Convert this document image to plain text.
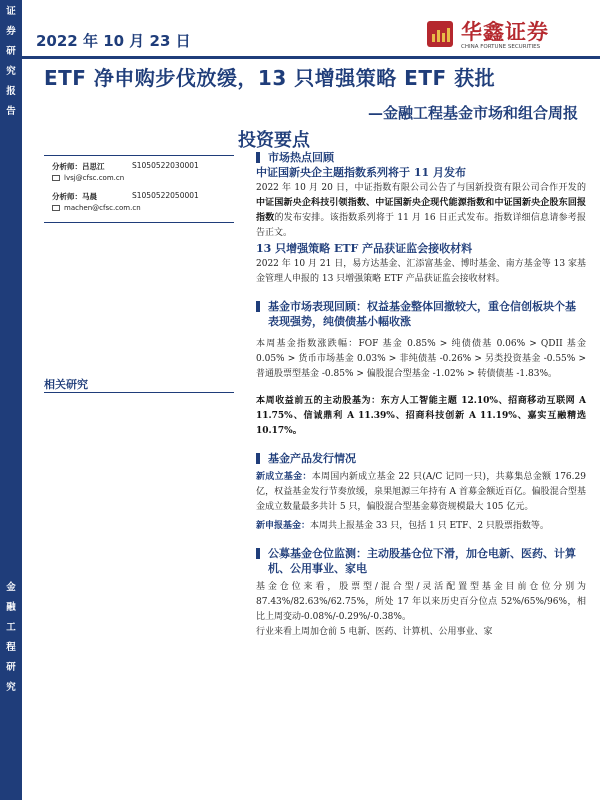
证
券
研
究
报
告
金
融
工
程
研
究
2022 年 10 月 23 日	华鑫证券
CHINA FORTUNE SECURITIES
ETF 净申购步伐放缓，13 只增强策略 ETF 获批
—金融工程基金市场和组合周报
投资要点
分析师：吕思江	S1050522030001
lvsj@cfsc.com.cn
分析师：马晨	S1050522050001
machen@cfsc.com.cn
相关研究
市场热点回顾
中证国新央企主题指数系列将于 11 月发布
2022 年 10 月 20 日，中证指数有限公司公告了与国新投资有限公司合作开发的中证国新央企科技引领指数、中证国新央企现代能源指数和中证国新央企股东回报指数的发布安排。该指数系列将于 11 月 16 日正式发布。指数详细信息请参考报告正文。
13 只增强策略 ETF 产品获证监会接收材料
2022 年 10 月 21 日，易方达基金、汇添富基金、博时基金、南方基金等 13 家基金管理人申报的 13 只增强策略 ETF 产品获证监会接收材料。
基金市场表现回顾：权益基金整体回撤较大，重仓信创板块个基表现强势，纯债债基小幅收涨
本周基金指数涨跌幅：FOF 基金 0.85% > 纯债债基 0.06% > QDII 基金 0.05% > 货币市场基金 0.03% > 非纯债基 -0.26% > 另类投资基金 -0.55% > 普通股票型基金 -0.85% > 偏股混合型基金 -1.02% > 转债债基 -1.83%。
本周收益前五的主动股基为：东方人工智能主题 12.10%、招商移动互联网 A 11.75%、信诚鼎利 A 11.39%、招商科技创新 A 11.19%、嘉实互融精选 10.17%。
基金产品发行情况
新成立基金：本周国内新成立基金 22 只(A/C 记同一只)，共募集总金额 176.29 亿，权益基金发行节奏放缓，泉果旭源三年持有 A 首募金额近百亿。偏股混合型基金成立数量最多共计 5 只，偏股混合型基金募资规模最大 105 亿元。
新申报基金：本周共上报基金 33 只，包括 1 只 ETF、2 只股票指数等。
公募基金仓位监测：主动股基仓位下滑，加仓电新、医药、计算机、公用事业、家电
基金仓位来看，股票型/混合型/灵活配置型基金目前仓位分别为 87.43%/82.63%/62.75%，所处 17 年以来历史百分位点 52%/65%/96%，相比上周变动-0.08%/-0.29%/-0.38%。
行业来看上周加仓前 5 电新、医药、计算机、公用事业、家
